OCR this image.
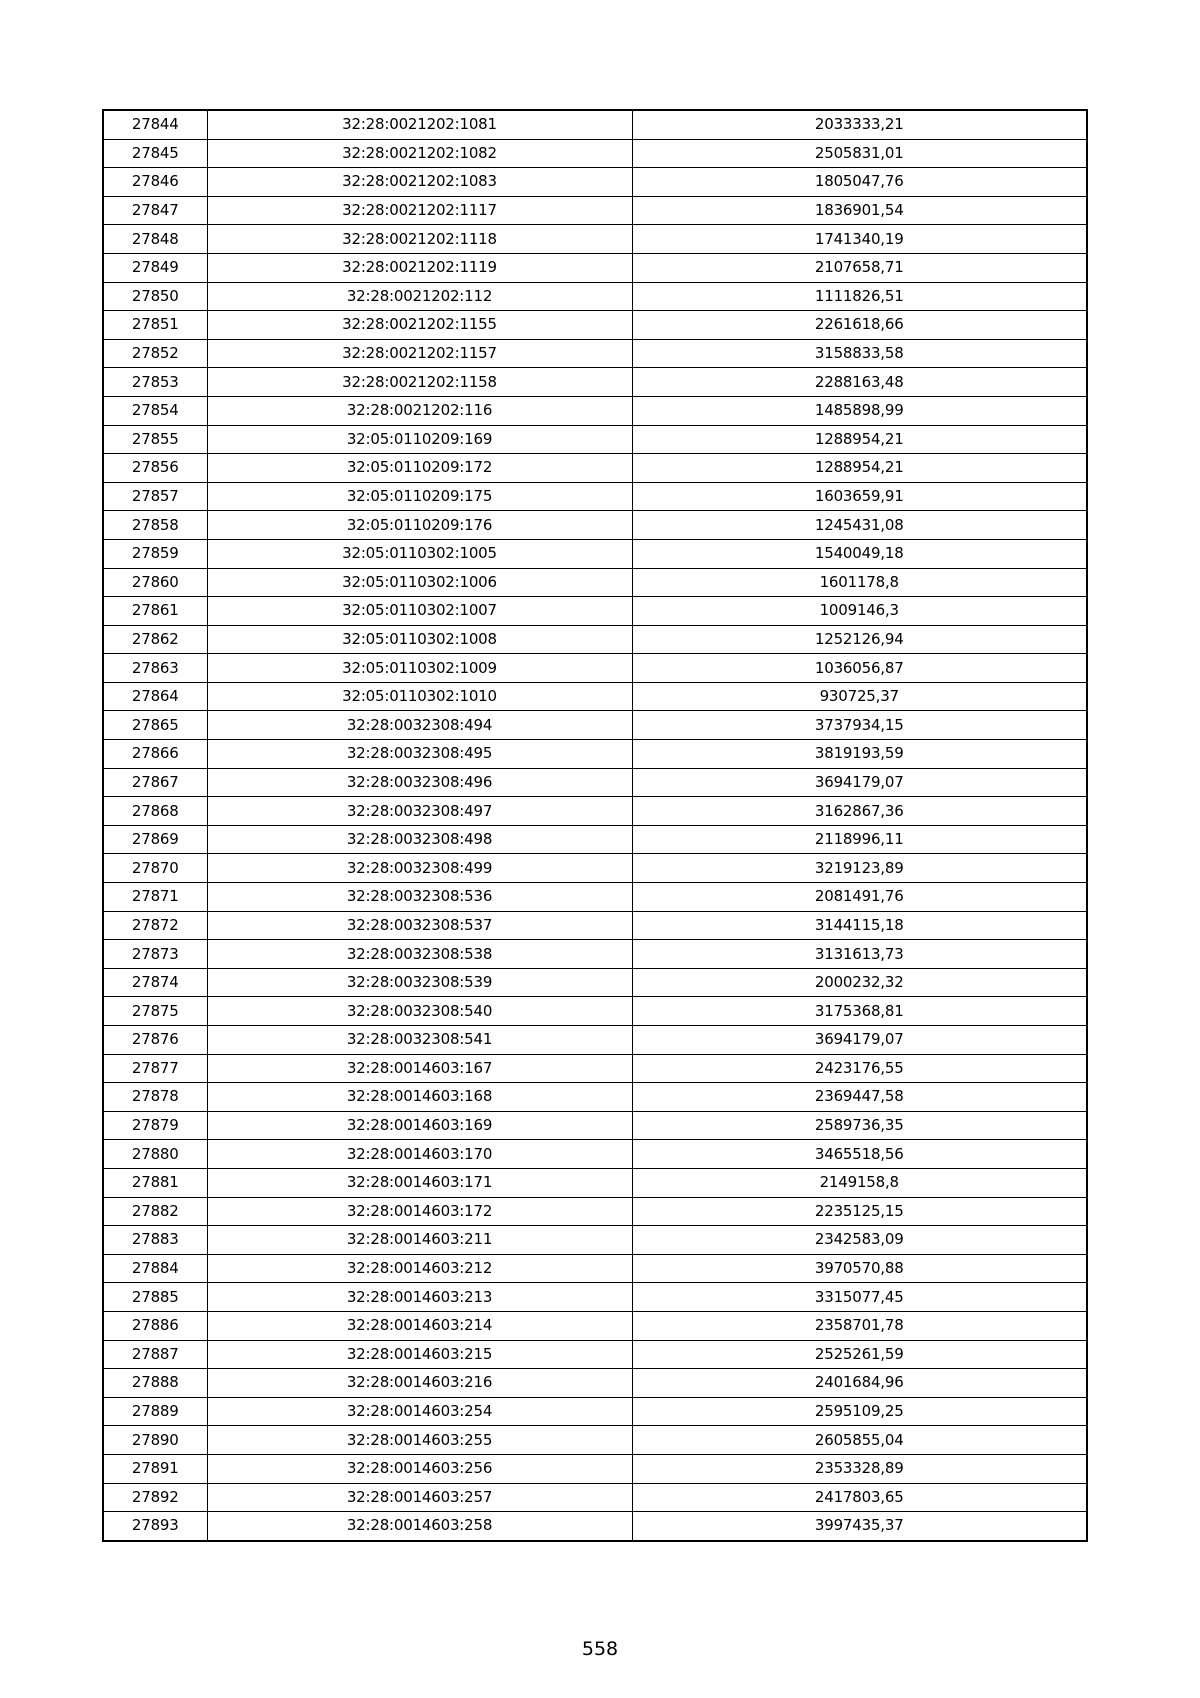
27844	32:28:0021202:1081	2033333,21
27845	32:28:0021202:1082	2505831,01
27846	32:28:0021202:1083	1805047,76
27847	32:28:0021202:1117	1836901,54
27848	32:28:0021202:1118	1741340,19
27849	32:28:0021202:1119	2107658,71
27850	32:28:0021202:112	1111826,51
27851	32:28:0021202:1155	2261618,66
27852	32:28:0021202:1157	3158833,58
27853	32:28:0021202:1158	2288163,48
27854	32:28:0021202:116	1485898,99
27855	32:05:0110209:169	1288954,21
27856	32:05:0110209:172	1288954,21
27857	32:05:0110209:175	1603659,91
27858	32:05:0110209:176	1245431,08
27859	32:05:0110302:1005	1540049,18
27860	32:05:0110302:1006	1601178,8
27861	32:05:0110302:1007	1009146,3
27862	32:05:0110302:1008	1252126,94
27863	32:05:0110302:1009	1036056,87
27864	32:05:0110302:1010	930725,37
27865	32:28:0032308:494	3737934,15
27866	32:28:0032308:495	3819193,59
27867	32:28:0032308:496	3694179,07
27868	32:28:0032308:497	3162867,36
27869	32:28:0032308:498	2118996,11
27870	32:28:0032308:499	3219123,89
27871	32:28:0032308:536	2081491,76
27872	32:28:0032308:537	3144115,18
27873	32:28:0032308:538	3131613,73
27874	32:28:0032308:539	2000232,32
27875	32:28:0032308:540	3175368,81
27876	32:28:0032308:541	3694179,07
27877	32:28:0014603:167	2423176,55
27878	32:28:0014603:168	2369447,58
27879	32:28:0014603:169	2589736,35
27880	32:28:0014603:170	3465518,56
27881	32:28:0014603:171	2149158,8
27882	32:28:0014603:172	2235125,15
27883	32:28:0014603:211	2342583,09
27884	32:28:0014603:212	3970570,88
27885	32:28:0014603:213	3315077,45
27886	32:28:0014603:214	2358701,78
27887	32:28:0014603:215	2525261,59
27888	32:28:0014603:216	2401684,96
27889	32:28:0014603:254	2595109,25
27890	32:28:0014603:255	2605855,04
27891	32:28:0014603:256	2353328,89
27892	32:28:0014603:257	2417803,65
27893	32:28:0014603:258	3997435,37
558
